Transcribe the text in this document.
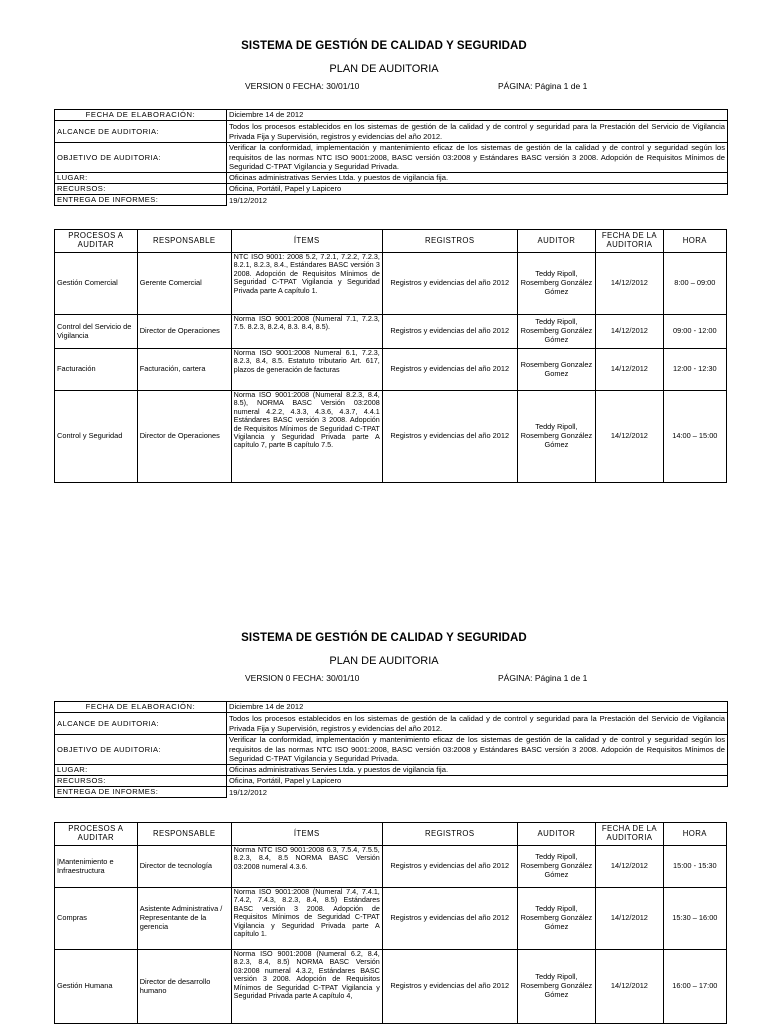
SISTEMA DE GESTIÓN DE CALIDAD Y SEGURIDAD
PLAN DE AUDITORIA
VERSION 0 FECHA: 30/01/10	PÁGINA: Página 1 de 1
FECHA DE ELABORACIÓN:	Diciembre 14 de 2012
ALCANCE DE AUDITORIA:	Todos los procesos establecidos en los sistemas de gestión de la calidad y de control y seguridad para la Prestación del Servicio de Vigilancia Privada Fija y Supervisión, registros y evidencias del año 2012.
OBJETIVO DE AUDITORIA:	Verificar la conformidad, implementación y mantenimiento eficaz de los sistemas de gestión de la calidad y de control y seguridad según los requisitos de las normas NTC ISO 9001:2008, BASC versión 03:2008 y Estándares BASC versión 3 2008. Adopción de Requisitos Mínimos de Seguridad C-TPAT Vigilancia y Seguridad Privada.
LUGAR:	Oficinas administrativas Servies Ltda. y puestos de vigilancia fija.
RECURSOS:	Oficina, Portátil, Papel y Lapicero
ENTREGA DE INFORMES:	19/12/2012
PROCESOS A AUDITAR	RESPONSABLE	ÍTEMS	REGISTROS	AUDITOR	FECHA DE LA AUDITORIA	HORA
Gestión Comercial	Gerente Comercial	NTC ISO 9001: 2008 5.2, 7.2.1, 7.2.2, 7.2.3, 8.2.1, 8.2.3, 8.4., Estándares BASC versión 3 2008. Adopción de Requisitos Mínimos de Seguridad C-TPAT Vigilancia y Seguridad Privada parte A capítulo 1.	Registros y evidencias del año 2012	Teddy Ripoll, Rosemberg González Gómez	14/12/2012	8:00 – 09:00
Control del Servicio de Vigilancia	Director de Operaciones	Norma ISO 9001:2008 (Numeral 7.1, 7.2.3, 7.5. 8.2.3, 8.2.4, 8.3. 8.4, 8.5).	Registros y evidencias del año 2012	Teddy Ripoll, Rosemberg González Gómez	14/12/2012	09:00 - 12:00
Facturación	Facturación, cartera	Norma ISO 9001:2008 Numeral 6.1, 7.2.3, 8.2.3, 8.4, 8.5. Estatuto tributario Art. 617, plazos de generación de facturas	Registros y evidencias del año 2012	Rosemberg Gonzalez Gomez	14/12/2012	12:00 - 12:30
Control y Seguridad	Director de Operaciones	Norma ISO 9001:2008 (Numeral 8.2.3, 8.4, 8.5), NORMA BASC Versión 03:2008 numeral 4.2.2, 4.3.3, 4.3.6, 4.3.7, 4.4.1 Estándares BASC versión 3 2008. Adopción de Requisitos Mínimos de Seguridad C-TPAT Vigilancia y Seguridad Privada parte A capítulo 7, parte B capítulo 7.5.	Registros y evidencias del año 2012	Teddy Ripoll, Rosemberg González Gómez	14/12/2012	14:00 – 15:00
SISTEMA DE GESTIÓN DE CALIDAD Y SEGURIDAD
PLAN DE AUDITORIA
VERSION 0 FECHA: 30/01/10	PÁGINA: Página 1 de 1
FECHA DE ELABORACIÓN:	Diciembre 14 de 2012
ALCANCE DE AUDITORIA:	Todos los procesos establecidos en los sistemas de gestión de la calidad y de control y seguridad para la Prestación del Servicio de Vigilancia Privada Fija y Supervisión, registros y evidencias del año 2012.
OBJETIVO DE AUDITORIA:	Verificar la conformidad, implementación y mantenimiento eficaz de los sistemas de gestión de la calidad y de control y seguridad según los requisitos de las normas NTC ISO 9001:2008, BASC versión 03:2008 y Estándares BASC versión 3 2008. Adopción de Requisitos Mínimos de Seguridad C-TPAT Vigilancia y Seguridad Privada.
LUGAR:	Oficinas administrativas Servies Ltda. y puestos de vigilancia fija.
RECURSOS:	Oficina, Portátil, Papel y Lapicero
ENTREGA DE INFORMES:	19/12/2012
PROCESOS A AUDITAR	RESPONSABLE	ÍTEMS	REGISTROS	AUDITOR	FECHA DE LA AUDITORIA	HORA
|Mantenimiento e Infraestructura	Director de tecnología	Norma NTC ISO 9001:2008 6.3, 7.5.4, 7.5.5, 8.2.3, 8.4, 8.5 NORMA BASC Versión 03:2008 numeral 4.3.6.	Registros y evidencias del año 2012	Teddy Ripoll, Rosemberg González Gómez	14/12/2012	15:00 - 15:30
Compras	Asistente Administrativa / Representante de la gerencia	Norma ISO 9001:2008 (Numeral 7.4, 7.4.1, 7.4.2, 7.4.3, 8.2.3, 8.4, 8.5) Estándares BASC versión 3 2008. Adopción de Requisitos Mínimos de Seguridad C-TPAT Vigilancia y Seguridad Privada parte A capítulo 1.	Registros y evidencias del año 2012	Teddy Ripoll, Rosemberg González Gómez	14/12/2012	15:30 – 16:00
Gestión Humana	Director de desarrollo humano	Norma ISO 9001:2008 (Numeral 6.2, 8.4, 8.2.3, 8.4, 8.5) NORMA BASC Versión 03:2008 numeral 4.3.2, Estándares BASC versión 3 2008. Adopción de Requisitos Mínimos de Seguridad C-TPAT Vigilancia y Seguridad Privada parte A capítulo 4,	Registros y evidencias del año 2012	Teddy Ripoll, Rosemberg González Gómez	14/12/2012	16:00 – 17:00
